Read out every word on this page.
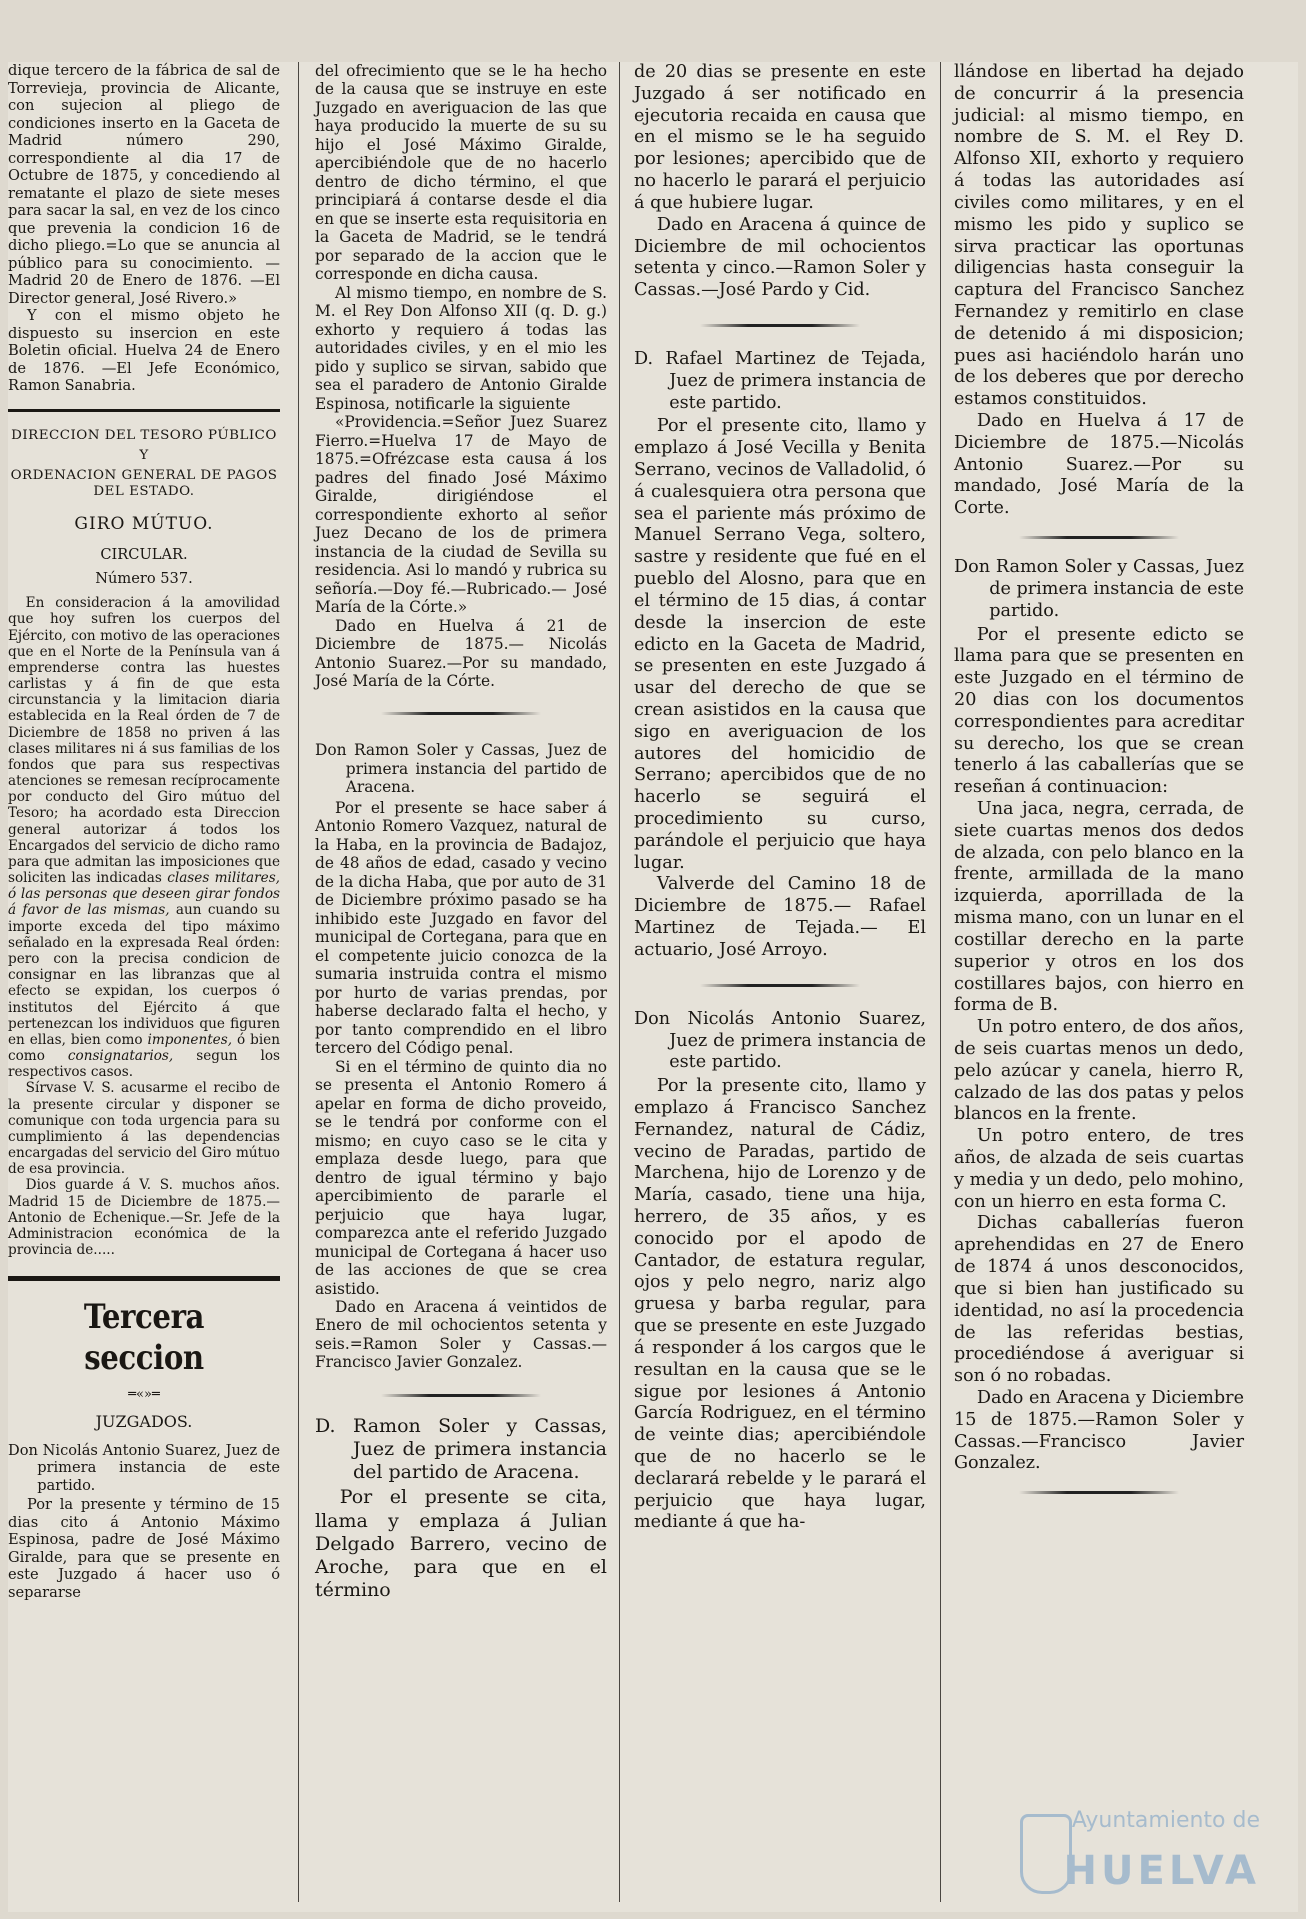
dique tercero de la fábrica de sal de Torrevieja, provincia de Alicante, con sujecion al pliego de condiciones inserto en la Gaceta de Madrid número 290, correspondiente al dia 17 de Octubre de 1875, y concediendo al rematante el plazo de siete meses para sacar la sal, en vez de los cinco que prevenia la condicion 16 de dicho pliego.=Lo que se anuncia al público para su conocimiento. —Madrid 20 de Enero de 1876. —El Director general, José Rivero.»

Y con el mismo objeto he dispuesto su insercion en este Boletin oficial. Huelva 24 de Enero de 1876. —El Jefe Económico, Ramon Sanabria.

DIRECCION DEL TESORO PÚBLICO
Y
ORDENACION GENERAL DE PAGOS DEL ESTADO.
GIRO MÚTUO.
CIRCULAR.
Número 537.

En consideracion á la amovilidad que hoy sufren los cuerpos del Ejército, con motivo de las operaciones que en el Norte de la Península van á emprenderse contra las huestes carlistas y á fin de que esta circunstancia y la limitacion diaria establecida en la Real órden de 7 de Diciembre de 1858 no priven á las clases militares ni á sus familias de los fondos que para sus respectivas atenciones se remesan recíprocamente por conducto del Giro mútuo del Tesoro; ha acordado esta Direccion general autorizar á todos los Encargados del servicio de dicho ramo para que admitan las imposiciones que soliciten las indicadas clases militares, ó las personas que deseen girar fondos á favor de las mismas, aun cuando su importe exceda del tipo máximo señalado en la expresada Real órden: pero con la precisa condicion de consignar en las libranzas que al efecto se expidan, los cuerpos ó institutos del Ejército á que pertenezcan los individuos que figuren en ellas, bien como imponentes, ó bien como consignatarios, segun los respectivos casos.

Sírvase V. S. acusarme el recibo de la presente circular y disponer se comunique con toda urgencia para su cumplimiento á las dependencias encargadas del servicio del Giro mútuo de esa provincia.

Dios guarde á V. S. muchos años. Madrid 15 de Diciembre de 1875.— Antonio de Echenique.—Sr. Jefe de la Administracion económica de la provincia de.....

Tercera seccion
═«»═
JUZGADOS.
Don Nicolás Antonio Suarez, Juez de primera instancia de este partido.

Por la presente y término de 15 dias cito á Antonio Máximo Espinosa, padre de José Máximo Giralde, para que se presente en este Juzgado á hacer uso ó separarse

del ofrecimiento que se le ha hecho de la causa que se instruye en este Juzgado en averiguacion de las que haya producido la muerte de su su hijo el José Máximo Giralde, apercibiéndole que de no hacerlo dentro de dicho término, el que principiará á contarse desde el dia en que se inserte esta requisitoria en la Gaceta de Madrid, se le tendrá por separado de la accion que le corresponde en dicha causa.

Al mismo tiempo, en nombre de S. M. el Rey Don Alfonso XII (q. D. g.) exhorto y requiero á todas las autoridades civiles, y en el mio les pido y suplico se sirvan, sabido que sea el paradero de Antonio Giralde Espinosa, notificarle la siguiente

«Providencia.=Señor Juez Suarez Fierro.=Huelva 17 de Mayo de 1875.=Ofrézcase esta causa á los padres del finado José Máximo Giralde, dirigiéndose el correspondiente exhorto al señor Juez Decano de los de primera instancia de la ciudad de Sevilla su residencia. Asi lo mandó y rubrica su señoría.—Doy fé.—Rubricado.— José María de la Córte.»

Dado en Huelva á 21 de Diciembre de 1875.— Nicolás Antonio Suarez.—Por su mandado, José María de la Córte.

Don Ramon Soler y Cassas, Juez de primera instancia del partido de Aracena.

Por el presente se hace saber á Antonio Romero Vazquez, natural de la Haba, en la provincia de Badajoz, de 48 años de edad, casado y vecino de la dicha Haba, que por auto de 31 de Diciembre próximo pasado se ha inhibido este Juzgado en favor del municipal de Cortegana, para que en el competente juicio conozca de la sumaria instruida contra el mismo por hurto de varias prendas, por haberse declarado falta el hecho, y por tanto comprendido en el libro tercero del Código penal.

Si en el término de quinto dia no se presenta el Antonio Romero á apelar en forma de dicho proveido, se le tendrá por conforme con el mismo; en cuyo caso se le cita y emplaza desde luego, para que dentro de igual término y bajo apercibimiento de pararle el perjuicio que haya lugar, comparezca ante el referido Juzgado municipal de Cortegana á hacer uso de las acciones de que se crea asistido.

Dado en Aracena á veintidos de Enero de mil ochocientos setenta y seis.=Ramon Soler y Cassas.— Francisco Javier Gonzalez.

D. Ramon Soler y Cassas, Juez de primera instancia del partido de Aracena.

Por el presente se cita, llama y emplaza á Julian Delgado Barrero, vecino de Aroche, para que en el término

de 20 dias se presente en este Juzgado á ser notificado en ejecutoria recaida en causa que en el mismo se le ha seguido por lesiones; apercibido que de no hacerlo le parará el perjuicio á que hubiere lugar.

Dado en Aracena á quince de Diciembre de mil ochocientos setenta y cinco.—Ramon Soler y Cassas.—José Pardo y Cid.

D. Rafael Martinez de Tejada, Juez de primera instancia de este partido.

Por el presente cito, llamo y emplazo á José Vecilla y Benita Serrano, vecinos de Valladolid, ó á cualesquiera otra persona que sea el pariente más próximo de Manuel Serrano Vega, soltero, sastre y residente que fué en el pueblo del Alosno, para que en el término de 15 dias, á contar desde la insercion de este edicto en la Gaceta de Madrid, se presenten en este Juzgado á usar del derecho de que se crean asistidos en la causa que sigo en averiguacion de los autores del homicidio de Serrano; apercibidos que de no hacerlo se seguirá el procedimiento su curso, parándole el perjuicio que haya lugar.

Valverde del Camino 18 de Diciembre de 1875.— Rafael Martinez de Tejada.— El actuario, José Arroyo.

Don Nicolás Antonio Suarez, Juez de primera instancia de este partido.

Por la presente cito, llamo y emplazo á Francisco Sanchez Fernandez, natural de Cádiz, vecino de Paradas, partido de Marchena, hijo de Lorenzo y de María, casado, tiene una hija, herrero, de 35 años, y es conocido por el apodo de Cantador, de estatura regular, ojos y pelo negro, nariz algo gruesa y barba regular, para que se presente en este Juzgado á responder á los cargos que le resultan en la causa que se le sigue por lesiones á Antonio García Rodriguez, en el término de veinte dias; apercibiéndole que de no hacerlo se le declarará rebelde y le parará el perjuicio que haya lugar, mediante á que ha-

llándose en libertad ha dejado de concurrir á la presencia judicial: al mismo tiempo, en nombre de S. M. el Rey D. Alfonso XII, exhorto y requiero á todas las autoridades así civiles como militares, y en el mismo les pido y suplico se sirva practicar las oportunas diligencias hasta conseguir la captura del Francisco Sanchez Fernandez y remitirlo en clase de detenido á mi disposicion; pues asi haciéndolo harán uno de los deberes que por derecho estamos constituidos.

Dado en Huelva á 17 de Diciembre de 1875.—Nicolás Antonio Suarez.—Por su mandado, José María de la Corte.

Don Ramon Soler y Cassas, Juez de primera instancia de este partido.

Por el presente edicto se llama para que se presenten en este Juzgado en el término de 20 dias con los documentos correspondientes para acreditar su derecho, los que se crean tenerlo á las caballerías que se reseñan á continuacion:

Una jaca, negra, cerrada, de siete cuartas menos dos dedos de alzada, con pelo blanco en la frente, armillada de la mano izquierda, aporrillada de la misma mano, con un lunar en el costillar derecho en la parte superior y otros en los dos costillares bajos, con hierro en forma de B.

Un potro entero, de dos años, de seis cuartas menos un dedo, pelo azúcar y canela, hierro R, calzado de las dos patas y pelos blancos en la frente.

Un potro entero, de tres años, de alzada de seis cuartas y media y un dedo, pelo mohino, con un hierro en esta forma C.

Dichas caballerías fueron aprehendidas en 27 de Enero de 1874 á unos desconocidos, que si bien han justificado su identidad, no así la procedencia de las referidas bestias, procediéndose á averiguar si son ó no robadas.

Dado en Aracena y Diciembre 15 de 1875.—Ramon Soler y Cassas.—Francisco Javier Gonzalez.

Ayuntamiento de
HUELVA
